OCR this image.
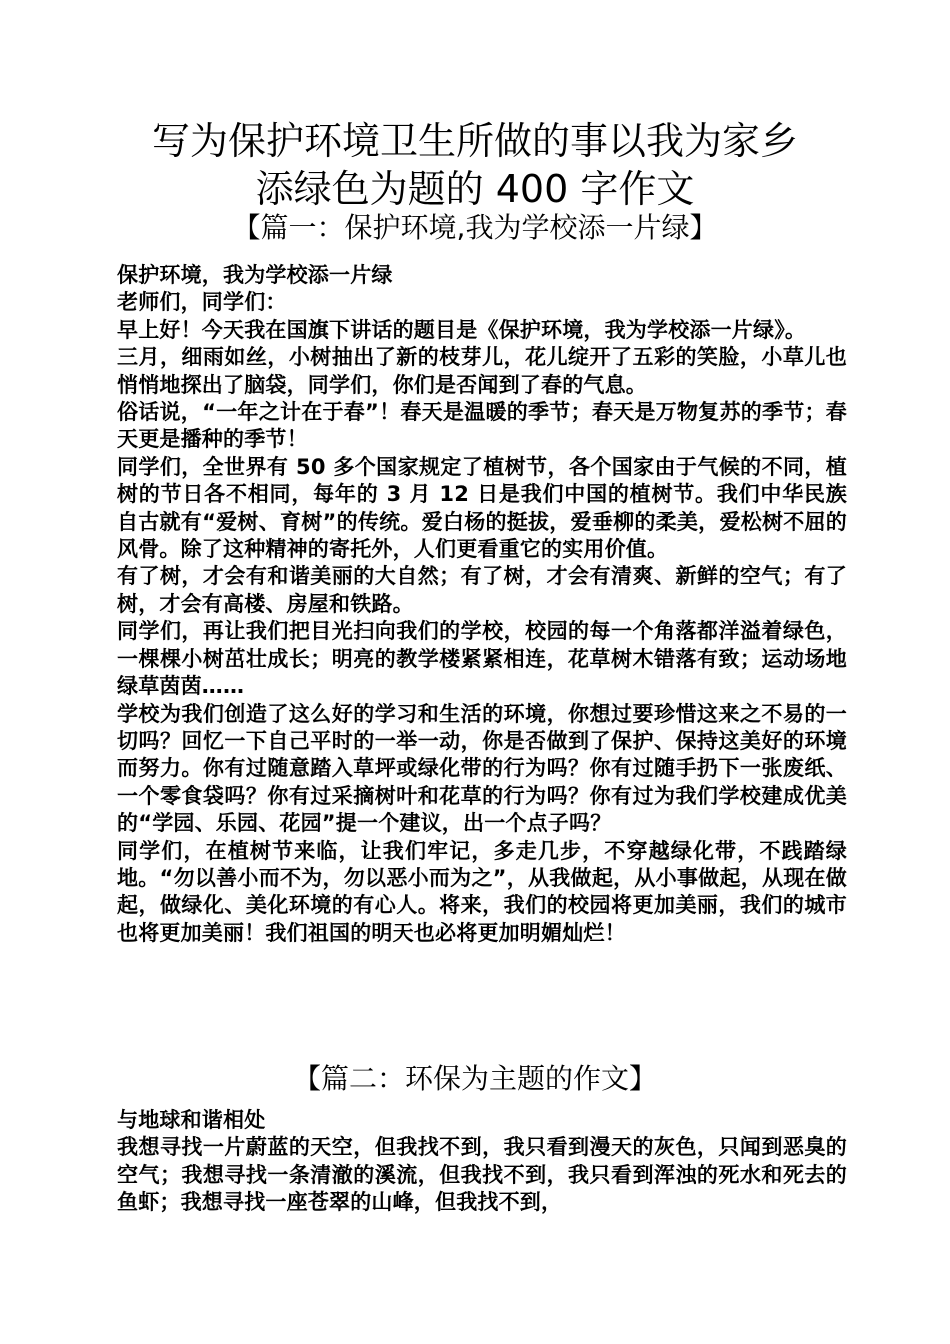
写为保护环境卫生所做的事以我为家乡
添绿色为题的 400 字作文
【篇一：保护环境,我为学校添一片绿】

保护环境，我为学校添一片绿

老师们，同学们：

早上好！今天我在国旗下讲话的题目是《保护环境，我为学校添一片绿》。

三月，细雨如丝，小树抽出了新的枝芽儿，花儿绽开了五彩的笑脸，小草儿也悄悄地探出了脑袋，同学们，你们是否闻到了春的气息。

俗话说，“一年之计在于春”！春天是温暖的季节；春天是万物复苏的季节；春天更是播种的季节！

同学们，全世界有 50 多个国家规定了植树节，各个国家由于气候的不同，植树的节日各不相同，每年的 3 月 12 日是我们中国的植树节。我们中华民族自古就有“爱树、育树”的传统。爱白杨的挺拔，爱垂柳的柔美，爱松树不屈的风骨。除了这种精神的寄托外，人们更看重它的实用价值。

有了树，才会有和谐美丽的大自然；有了树，才会有清爽、新鲜的空气；有了树，才会有高楼、房屋和铁路。

同学们，再让我们把目光扫向我们的学校，校园的每一个角落都洋溢着绿色，一棵棵小树茁壮成长；明亮的教学楼紧紧相连，花草树木错落有致；运动场地绿草茵茵……

学校为我们创造了这么好的学习和生活的环境，你想过要珍惜这来之不易的一切吗？回忆一下自己平时的一举一动，你是否做到了保护、保持这美好的环境而努力。你有过随意踏入草坪或绿化带的行为吗？你有过随手扔下一张废纸、一个零食袋吗？你有过采摘树叶和花草的行为吗？你有过为我们学校建成优美的“学园、乐园、花园”提一个建议，出一个点子吗？

同学们，在植树节来临，让我们牢记，多走几步，不穿越绿化带，不践踏绿地。“勿以善小而不为，勿以恶小而为之”，从我做起，从小事做起，从现在做起，做绿化、美化环境的有心人。将来，我们的校园将更加美丽，我们的城市也将更加美丽！我们祖国的明天也必将更加明媚灿烂！

【篇二：环保为主题的作文】

与地球和谐相处

我想寻找一片蔚蓝的天空，但我找不到，我只看到漫天的灰色，只闻到恶臭的空气；我想寻找一条清澈的溪流，但我找不到，我只看到浑浊的死水和死去的鱼虾；我想寻找一座苍翠的山峰，但我找不到，
